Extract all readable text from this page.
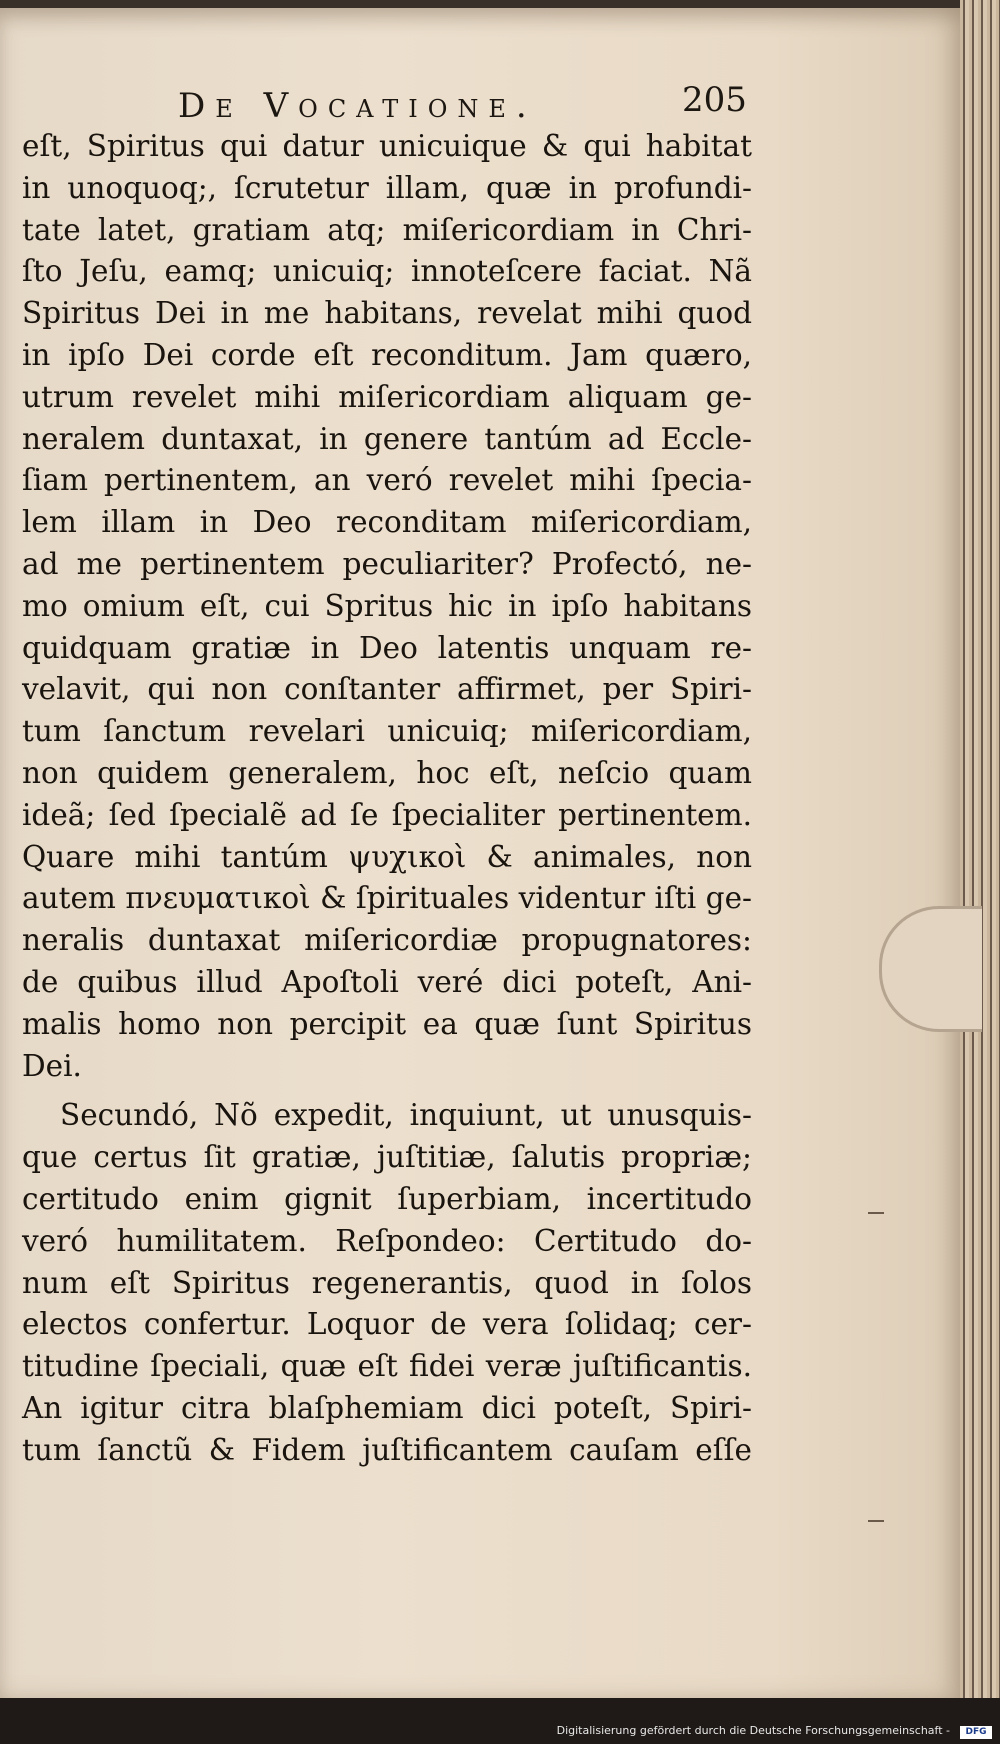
De Vocatione.	205
eſt, Spiritus qui datur unicuique & qui habitat
in unoquoq;, ſcrutetur illam, quæ in profundi-
tate latet, gratiam atq; miſericordiam in Chri-
ſto Jeſu, eamq; unicuiq; innoteſcere faciat. Nã
Spiritus Dei in me habitans, revelat mihi quod
in ipſo Dei corde eſt reconditum. Jam quæro,
utrum revelet mihi miſericordiam aliquam ge-
neralem duntaxat, in genere tantúm ad Eccle-
ſiam pertinentem, an veró revelet mihi ſpecia-
lem illam in Deo reconditam miſericordiam,
ad me pertinentem peculiariter? Profectó, ne-
mo omium eſt, cui Spritus hic in ipſo habitans
quidquam gratiæ in Deo latentis unquam re-
velavit, qui non conſtanter affirmet, per Spiri-
tum ſanctum revelari unicuiq; miſericordiam,
non quidem generalem, hoc eſt, neſcio quam
ideã; ſed ſpecialẽ ad ſe ſpecialiter pertinentem.
Quare mihi tantúm ψυχικοὶ & animales, non
autem πνευματικοὶ & ſpirituales videntur iſti ge-
neralis duntaxat miſericordiæ propugnatores:
de quibus illud Apoſtoli veré dici poteſt, Ani-
malis homo non percipit ea quæ ſunt Spiritus
Dei.
Secundó, Nõ expedit, inquiunt, ut unusquis-
que certus ſit gratiæ, juſtitiæ, ſalutis propriæ;
certitudo enim gignit ſuperbiam, incertitudo
veró humilitatem. Reſpondeo: Certitudo do-
num eſt Spiritus regenerantis, quod in ſolos
electos confertur. Loquor de vera ſolidaq; cer-
titudine ſpeciali, quæ eſt fidei veræ juſtificantis.
An igitur citra blaſphemiam dici poteſt, Spiri-
tum ſanctũ & Fidem juſtificantem cauſam eſſe
Digitalisierung gefördert durch die Deutsche Forschungsgemeinschaft -	DFG
